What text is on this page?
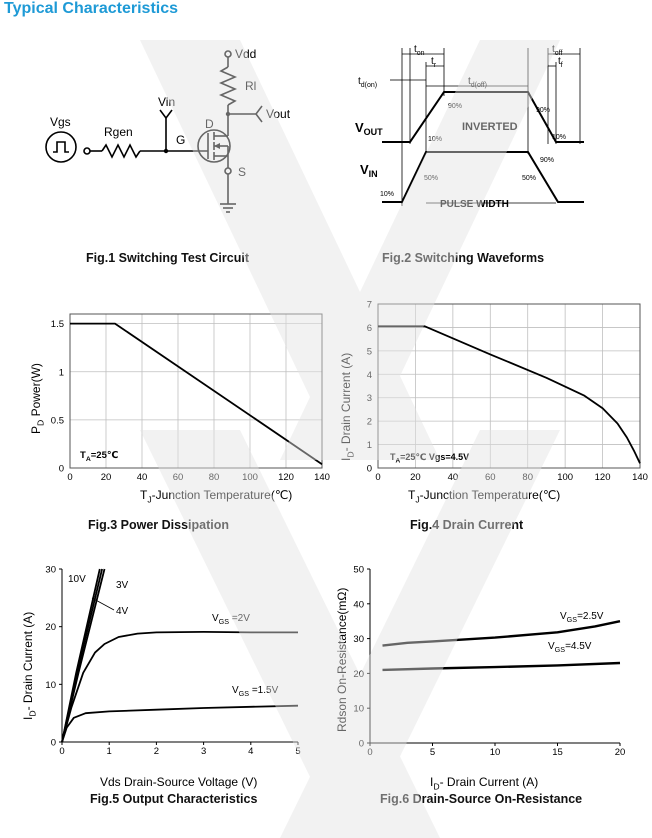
Typical Characteristics
Vdd
Rl
Vout
Vin
D
G
S
Vgs
Rgen
Fig.1 Switching Test Circuit
$t_{on}$
$t_r$
$t_{d(on)}$	$t_{d(off)}$
$t_{off}$
$t_f$
$V_{OUT}$
$V_{IN}$
INVERTED
PULSE WIDTH
90%
10%
90%
10%
50%	50%
90%
10%
Fig.2 Switching Waveforms
0	20	40	60	80 100 120 140
0
0.5
1
1.5
$T_J$-Junction Temperature(℃)
$P_D$ Power(W)
$T_A=25℃$
Fig.3 Power Dissipation
0	20	40	60	80	100 120 140
0
1
2
3
4
5
6
7
$T_J$-Junction Temperature(℃)
$I_D-$ Drain Current (A)
$T_A=25℃$ Vgs=4.5V
Fig.4 Drain Current
0	1	2	3	4	5
0
10
20
30
Vds Drain-Source Voltage (V)
$I_D-$ Drain Current (A)
10V
3V
4V
$V_{GS} =2V$
$V_{GS} =1.5V$
Fig.5 Output Characteristics
0	5	10	15	20
0
10
20
30
40
50
$I_D-$ Drain Current (A)
Rdson On-Resistance(mΩ)	$V_{GS}=2.5V$
$V_{GS}=4.5V$
Fig.6 Drain-Source On-Resistance
